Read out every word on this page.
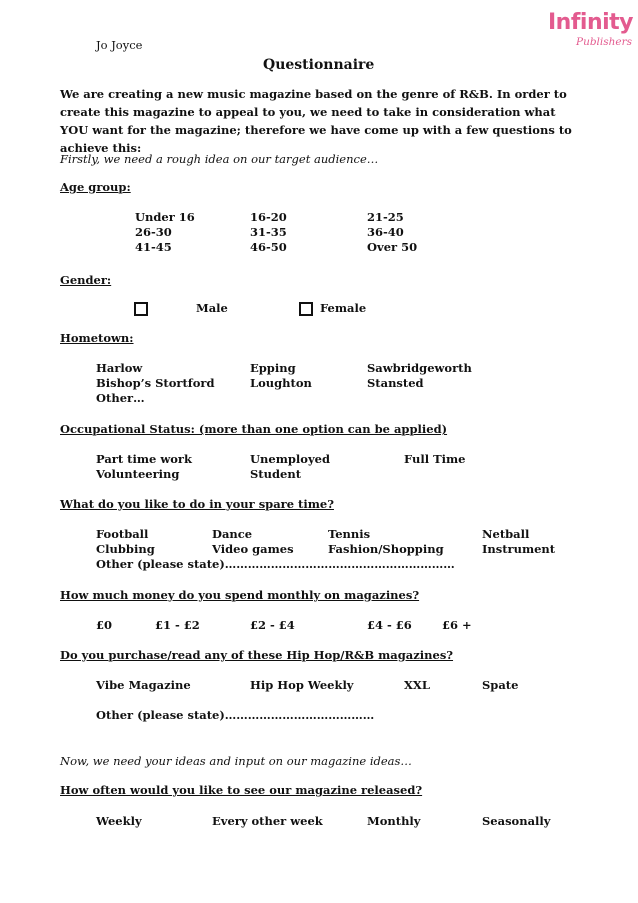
Jo Joyce
Questionnaire
Infinity
Publishers
We are creating a new music magazine based on the genre of R&B. In order to create this magazine to appeal to you, we need to take in consideration what YOU want for the magazine; therefore we have come up with a few questions to achieve this:
Firstly, we need a rough idea on our target audience…
Age group:
Under 16	16-20	21-25
26-30	31-35	36-40
41-45	46-50	Over 50
Gender:
Male	Female
Hometown:
Harlow	Epping	Sawbridgeworth
Bishop’s Stortford	Loughton	Stansted
Other…
Occupational Status: (more than one option can be applied)
Part time work	Unemployed	Full Time
Volunteering	Student
What do you like to do in your spare time?
Football	Dance	Tennis	Netball
Clubbing	Video games	Fashion/Shopping	Instrument
Other (please state)……………………………………………………
How much money do you spend monthly on magazines?
£0	£1 - £2	£2 - £4	£4 - £6	£6 +
Do you purchase/read any of these Hip Hop/R&B magazines?
Vibe Magazine	Hip Hop Weekly	XXL	Spate
Other (please state)…………………………………
Now, we need your ideas and input on our magazine ideas…
How often would you like to see our magazine released?
Weekly	Every other week	Monthly	Seasonally
